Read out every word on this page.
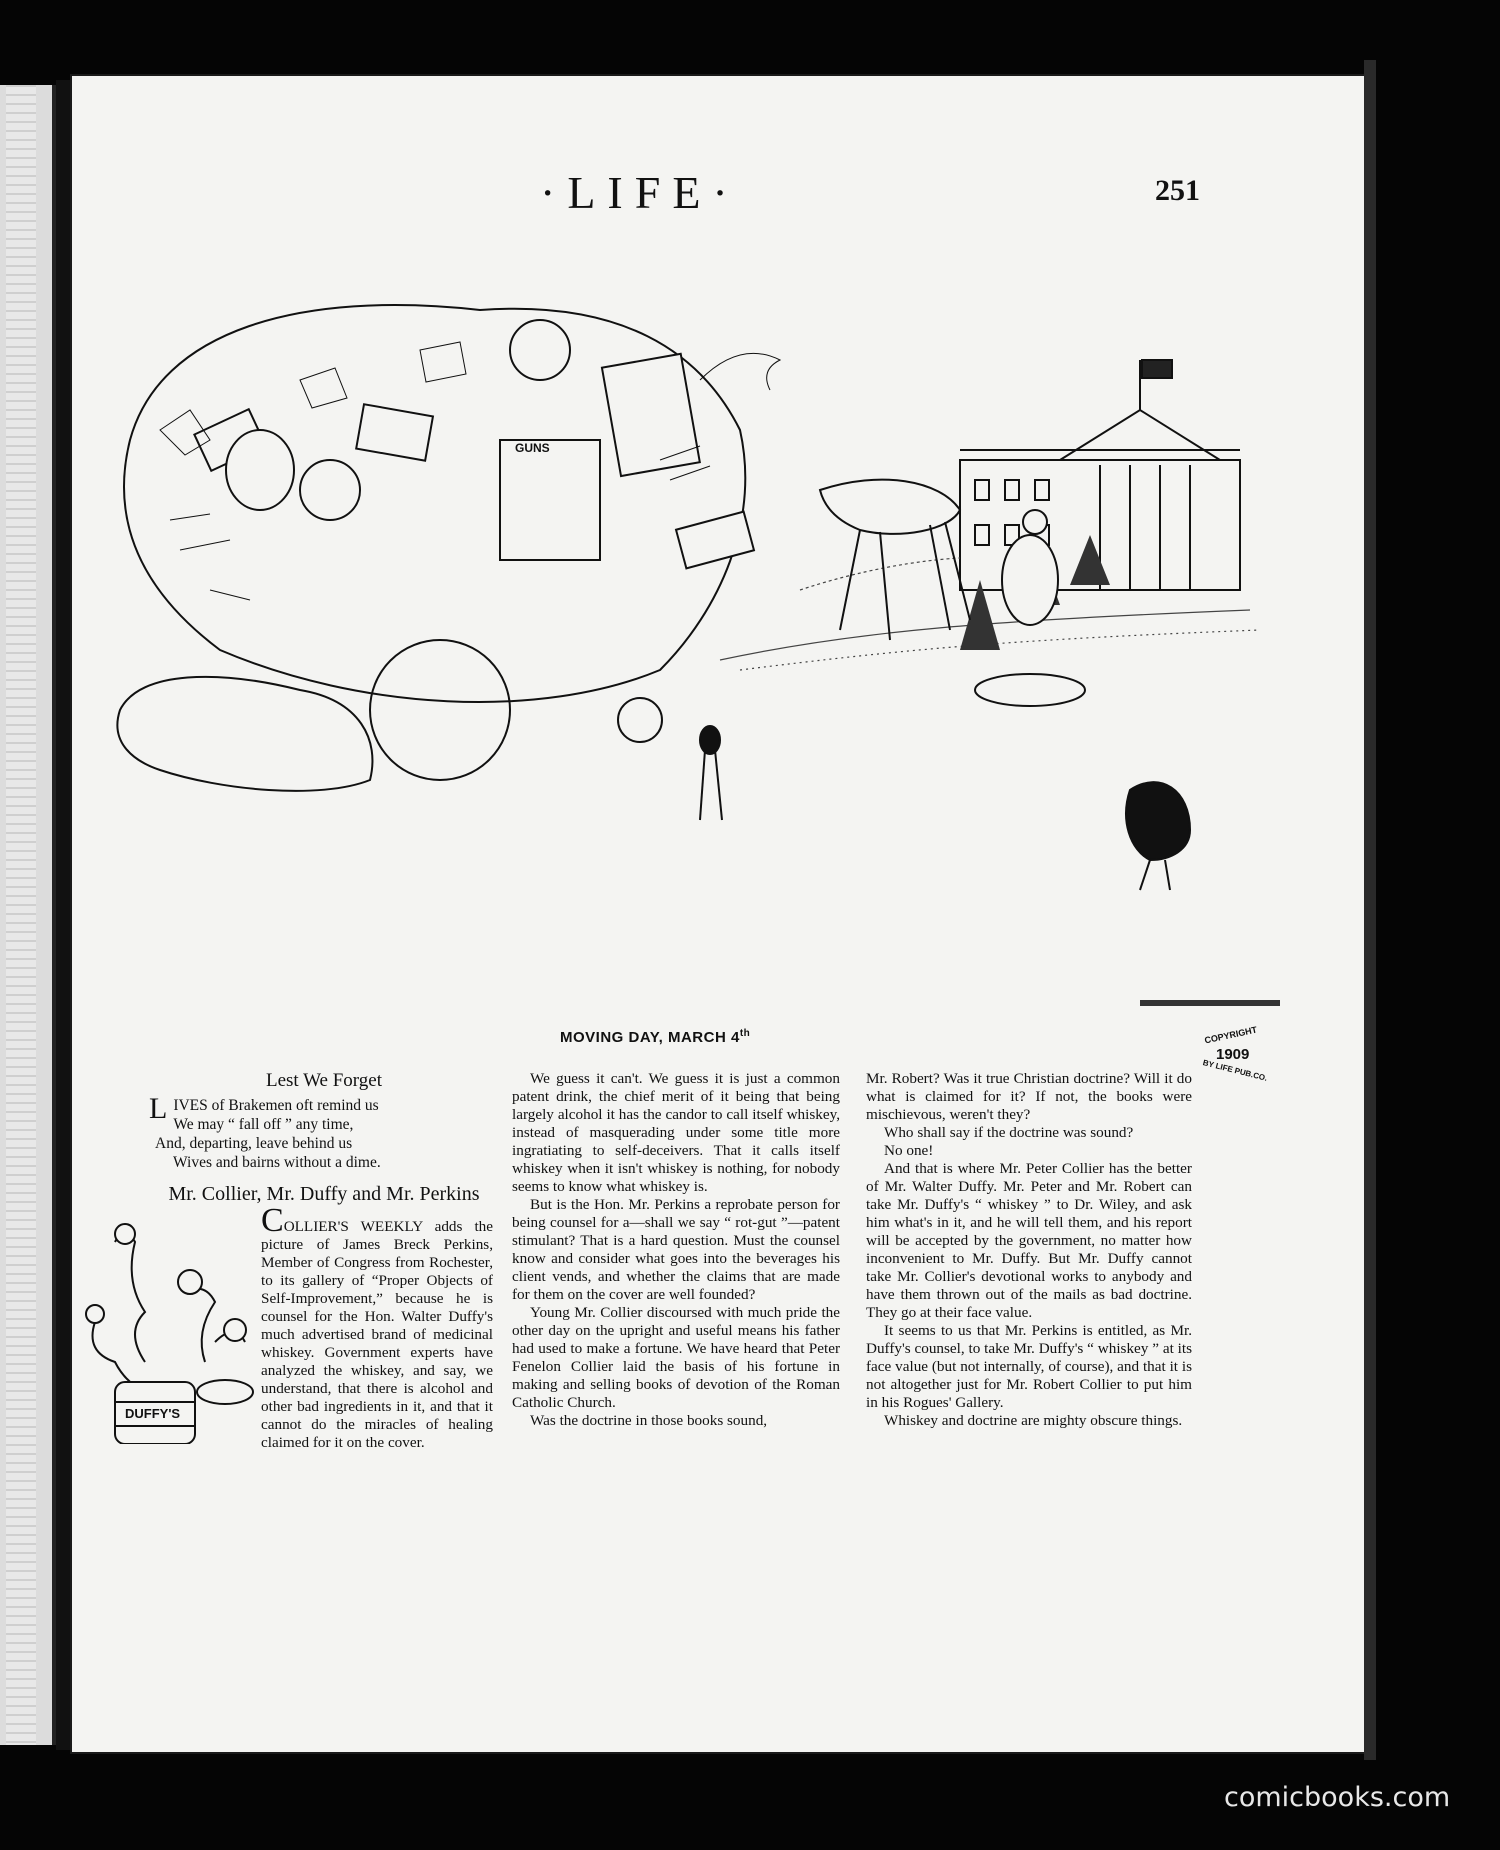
·LIFE·	251
GUNS
MOVING DAY, MARCH 4th	COPYRIGHT
1909
BY LIFE PUB.CO.
Lest We Forget
LIVES of Brakemen oft remind us
We may “ fall off ” any time,
And, departing, leave behind us
Wives and bairns without a dime.
Mr. Collier, Mr. Duffy and Mr. Perkins
DUFFY'S

COLLIER'S WEEKLY adds the picture of James Breck Perkins, Member of Congress from Rochester, to its gallery of “Proper Objects of Self-Improvement,” because he is counsel for the Hon. Walter Duffy's much advertised brand of medicinal whiskey. Government experts have analyzed the whiskey, and say, we understand, that there is alcohol and other bad ingredients in it, and that it cannot do the miracles of healing claimed for it on the cover.

We guess it can't. We guess it is just a common patent drink, the chief merit of it being that being largely alcohol it has the candor to call itself whiskey, instead of masquerading under some title more ingratiating to self-deceivers. That it calls itself whiskey when it isn't whiskey is nothing, for nobody seems to know what whiskey is.

But is the Hon. Mr. Perkins a reprobate person for being counsel for a—shall we say “ rot-gut ”—patent stimulant? That is a hard question. Must the counsel know and consider what goes into the beverages his client vends, and whether the claims that are made for them on the cover are well founded?

Young Mr. Collier discoursed with much pride the other day on the upright and useful means his father had used to make a fortune. We have heard that Peter Fenelon Collier laid the basis of his fortune in making and selling books of devotion of the Roman Catholic Church.

Was the doctrine in those books sound,

Mr. Robert? Was it true Christian doctrine? Will it do what is claimed for it? If not, the books were mischievous, weren't they?

Who shall say if the doctrine was sound?

No one!

And that is where Mr. Peter Collier has the better of Mr. Walter Duffy. Mr. Peter and Mr. Robert can take Mr. Duffy's “ whiskey ” to Dr. Wiley, and ask him what's in it, and he will tell them, and his report will be accepted by the government, no matter how inconvenient to Mr. Duffy. But Mr. Duffy cannot take Mr. Collier's devotional works to anybody and have them thrown out of the mails as bad doctrine. They go at their face value.

It seems to us that Mr. Perkins is entitled, as Mr. Duffy's counsel, to take Mr. Duffy's “ whiskey ” at its face value (but not internally, of course), and that it is not altogether just for Mr. Robert Collier to put him in his Rogues' Gallery.

Whiskey and doctrine are mighty obscure things.

comicbooks.com
